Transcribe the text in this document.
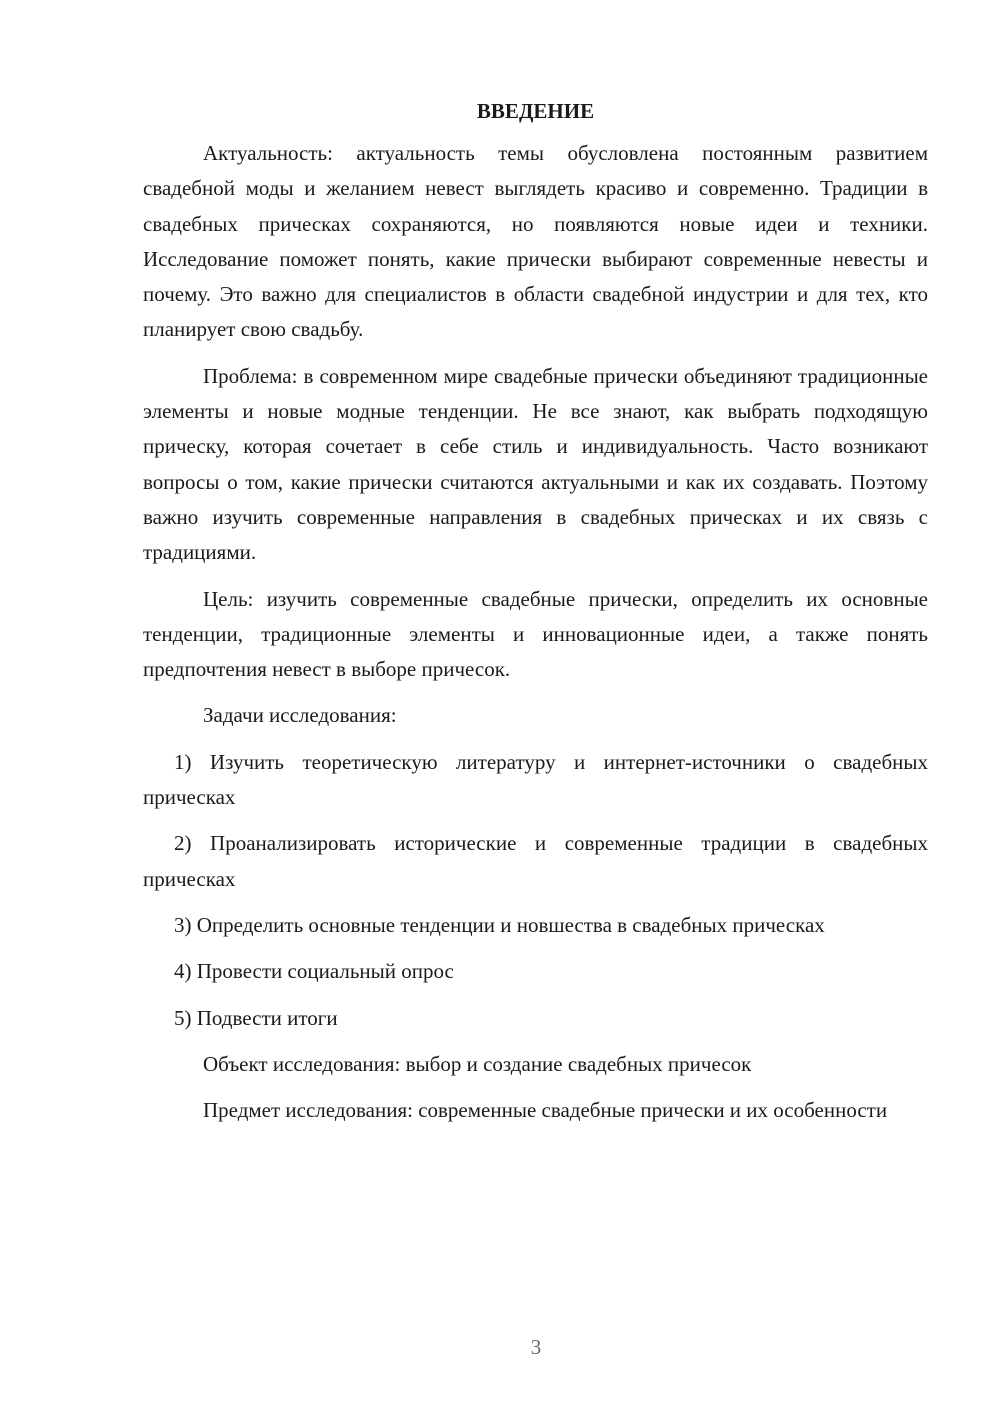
ВВЕДЕНИЕ

Актуальность: актуальность темы обусловлена постоянным развитием свадебной моды и желанием невест выглядеть красиво и современно. Традиции в свадебных прическах сохраняются, но появляются новые идеи и техники. Исследование поможет понять, какие прически выбирают современные невесты и почему. Это важно для специалистов в области свадебной индустрии и для тех, кто планирует свою свадьбу.

Проблема: в современном мире свадебные прически объединяют традиционные элементы и новые модные тенденции. Не все знают, как выбрать подходящую прическу, которая сочетает в себе стиль и индивидуальность. Часто возникают вопросы о том, какие прически считаются актуальными и как их создавать. Поэтому важно изучить современные направления в свадебных прическах и их связь с традициями.

Цель: изучить современные свадебные прически, определить их основные тенденции, традиционные элементы и инновационные идеи, а также понять предпочтения невест в выборе причесок.

Задачи исследования:

1) Изучить теоретическую литературу и интернет-источники о свадебных прическах

2) Проанализировать исторические и современные традиции в свадебных прическах

3) Определить основные тенденции и новшества в свадебных прическах

4) Провести социальный опрос

5) Подвести итоги

Объект исследования: выбор и создание свадебных причесок

Предмет исследования: современные свадебные прически и их особенности

3
